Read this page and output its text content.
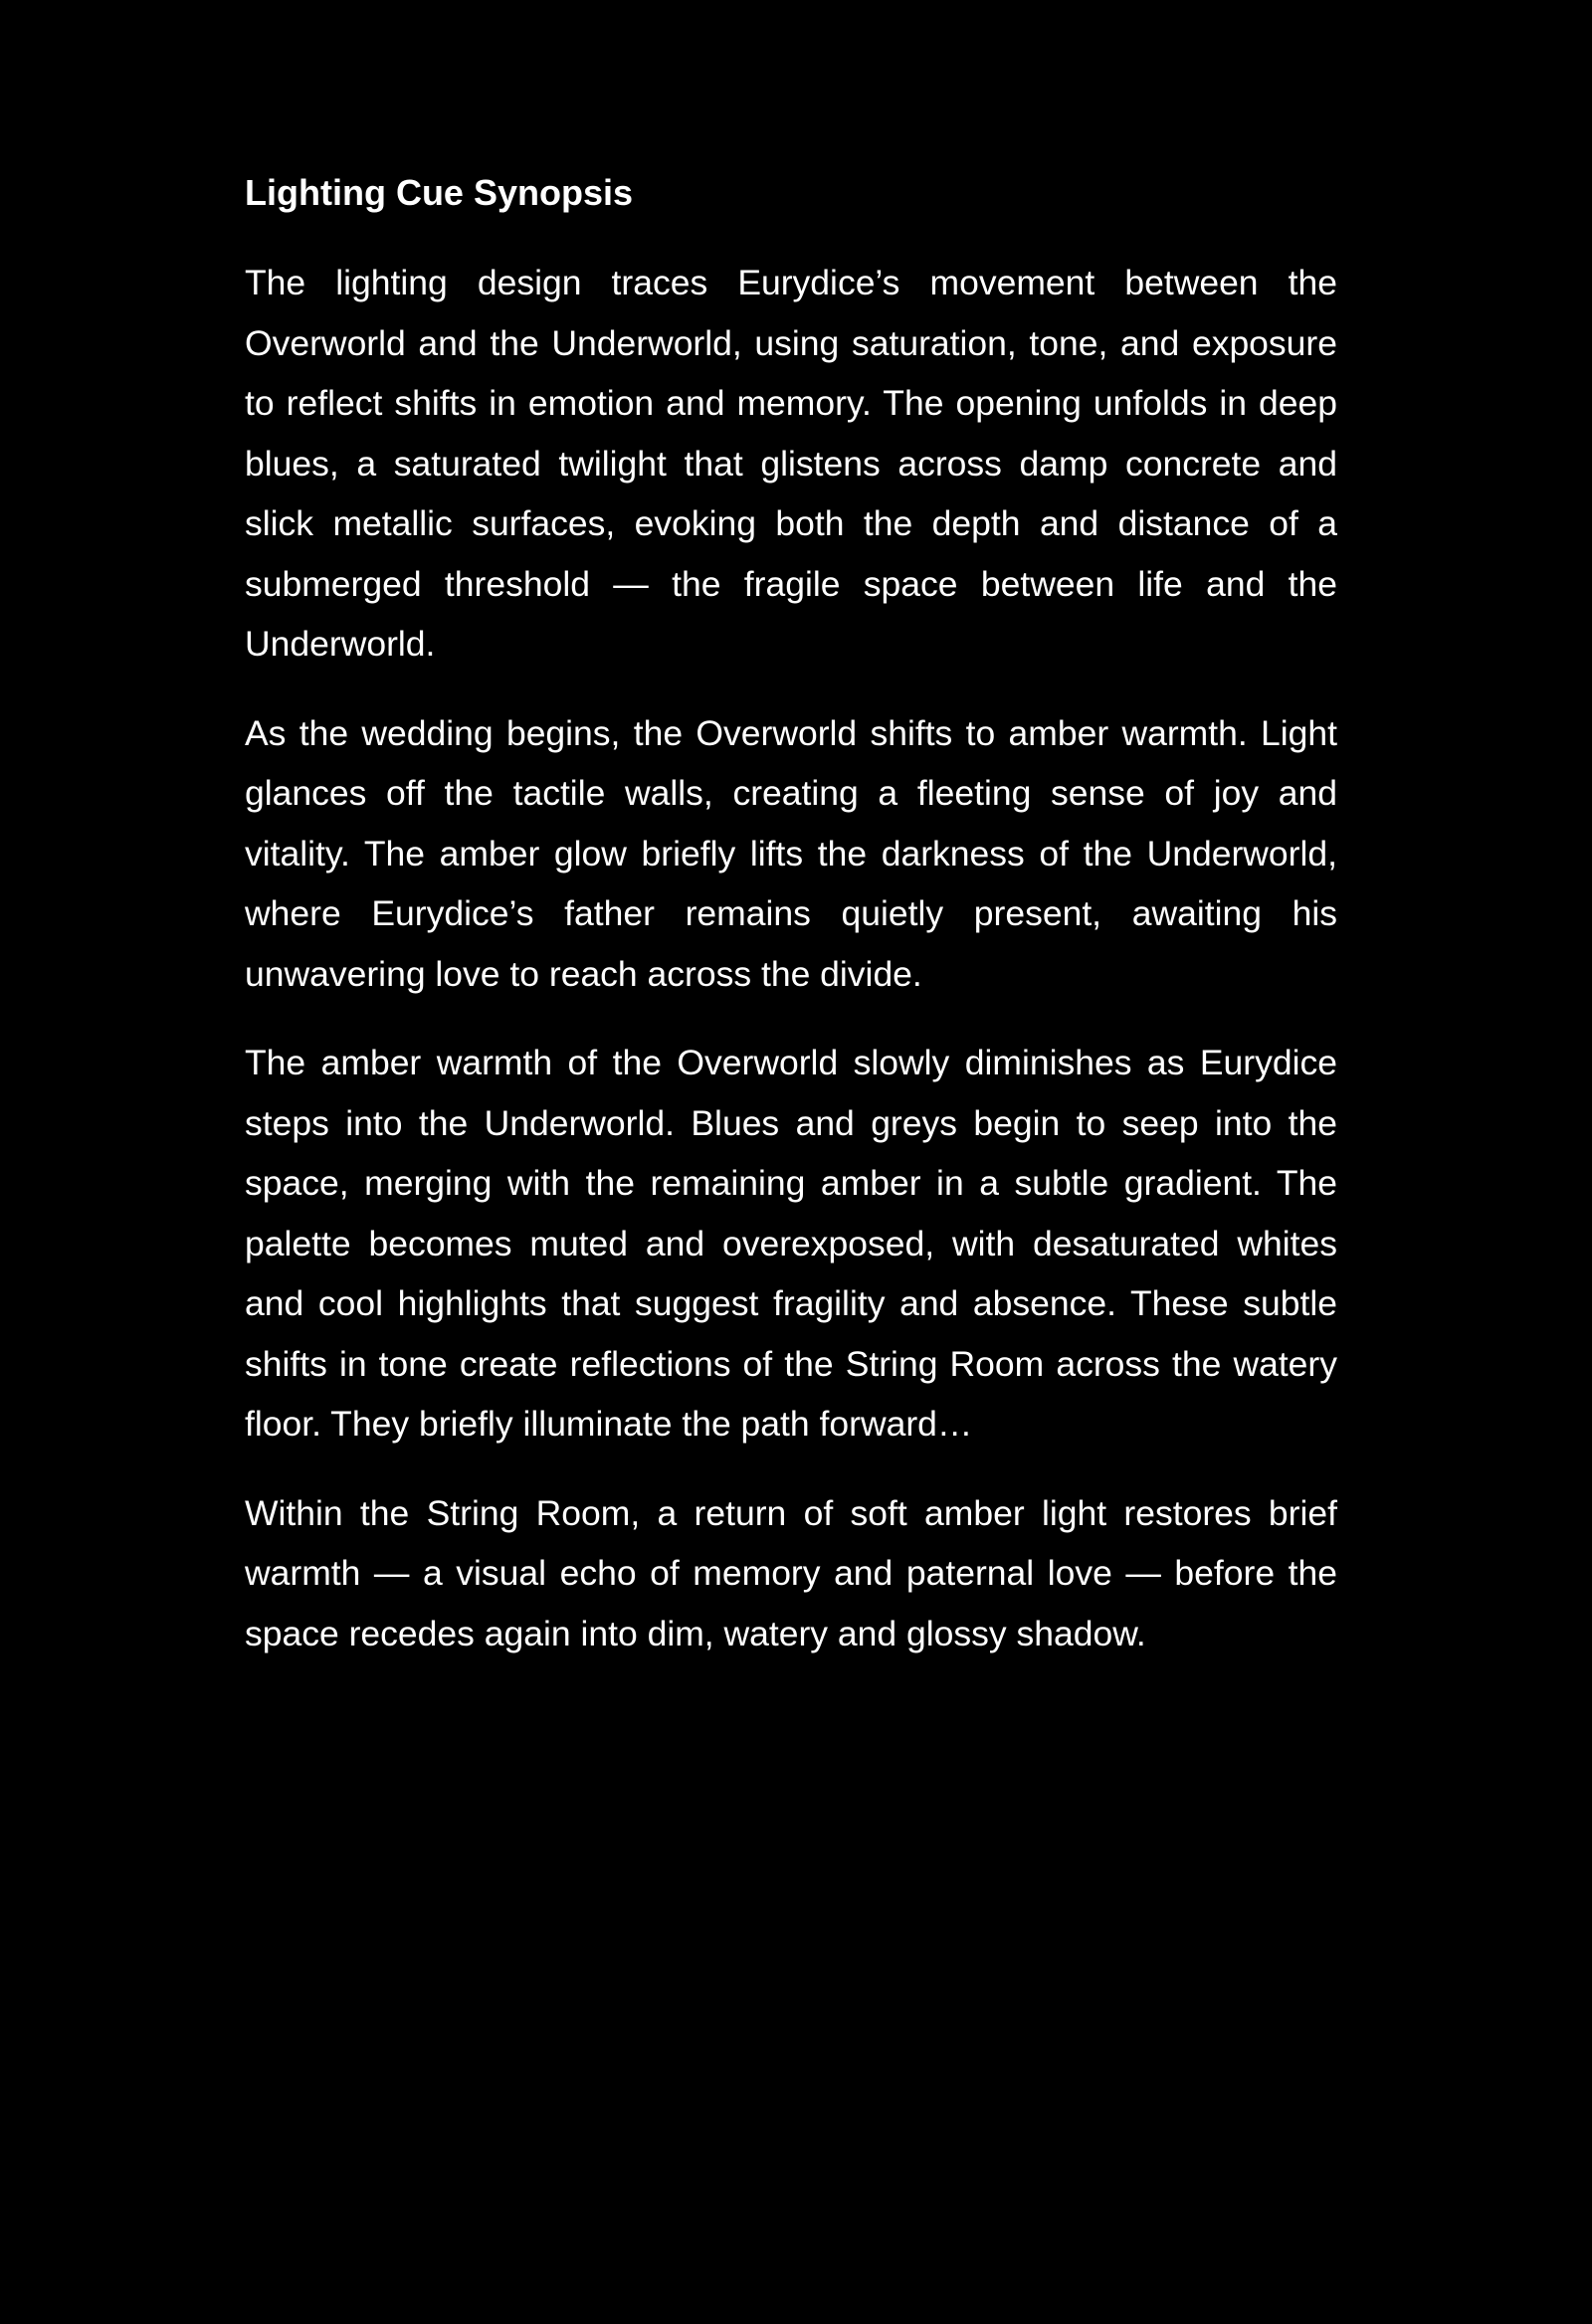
Lighting Cue Synopsis

The lighting design traces Eurydice’s movement between the Overworld and the Underworld, using saturation, tone, and exposure to reflect shifts in emotion and memory. The opening unfolds in deep blues, a saturated twilight that glistens across damp concrete and slick metallic surfaces, evoking both the depth and distance of a submerged threshold — the fragile space between life and the Underworld.

As the wedding begins, the Overworld shifts to amber warmth. Light glances off the tactile walls, creating a fleeting sense of joy and vitality. The amber glow briefly lifts the darkness of the Underworld, where Eurydice’s father remains quietly present, awaiting his unwavering love to reach across the divide.

The amber warmth of the Overworld slowly diminishes as Eurydice steps into the Underworld. Blues and greys begin to seep into the space, merging with the remaining amber in a subtle gradient. The palette becomes muted and overexposed, with desaturated whites and cool highlights that suggest fragility and absence. These subtle shifts in tone create reflections of the String Room across the watery floor. They briefly illuminate the path forward…

Within the String Room, a return of soft amber light restores brief warmth — a visual echo of memory and paternal love — before the space recedes again into dim, watery and glossy shadow.
